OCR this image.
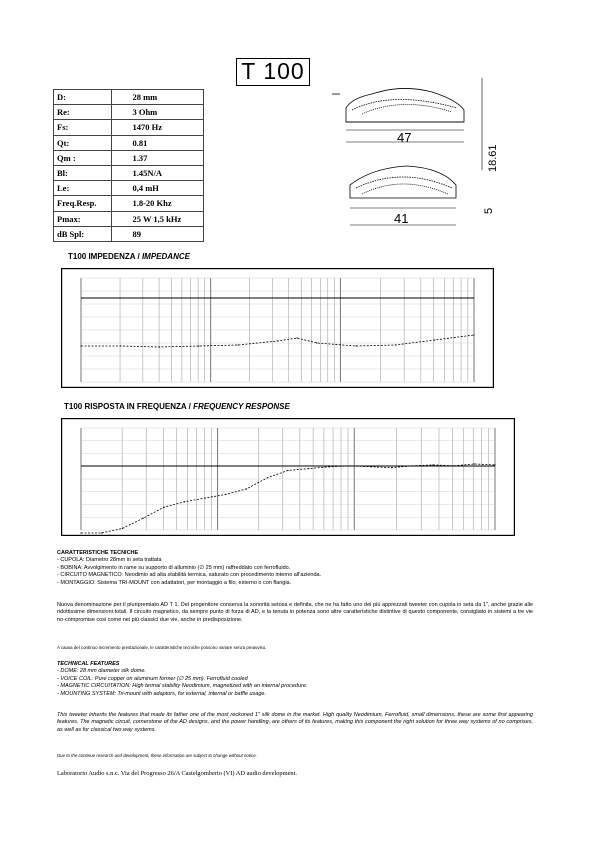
T 100
D:	28 mm
Re:	3 Ohm
Fs:	1470 Hz
Qt:	0.81
Qm :	1.37
Bl:	1.45N/A
Le:	0,4 mH
Freq.Resp.	1.8-20 Khz
Pmax:	25 W 1,5 kHz
dB Spl:	89
47
41
18.61
5
T100 IMPEDENZA / IMPEDANCE
T100 RISPOSTA IN FREQUENZA / FREQUENCY RESPONSE
CARATTERISTICHE TECNICHE
- CUPOLA: Diametro 28mm in seta trattata
- BOBINA: Avvolgimento in rame su supporto di alluminio (∅ 25 mm) raffreddato con ferrofluido.
- CIRCUITO MAGNETICO: Neodimio ad alta stabilità termica, saturato con procedimento interno all'azienda.
- MONTAGGIO: Sistema TRI-MOUNT con adattatori, per montaggio a filo, esterno o con flangia.
Nuova denominazione per il pluripremiato AD T 1. Del progenitore conserva la sonorità setosa e definita, che ne ha fatto uno dei più apprezzati tweeter con cupola in seta da 1", anche grazie alle ridottissime dimensioni totali. Il circuito magnetico, da sempre punto di forza di AD, e la tenuta in potenza sono altre caratteristiche distintive di questo componente, consigliato in sistemi a tre vie no-compromise cosi come nei più classici due vie, anche in predisposizione.
A causa del continuo incremento prestazionale, le caratteristiche tecniche possono variare senza preavviso.
TECHNICAL FEATURES
- DOME: 28 mm diameter silk dome.
- VOICE COIL: Pure copper on aluminum former (∅ 25 mm). Ferrofluid cooled
- MAGNETIC CIRCUITATION: High termal stability Neodimium, magnetized with an internal procedure.
- MOUNTING SYSTEM: Tri-mount with adaptors, for external, internal or baffle usage.
This tweeter inherits the features that made its father one of the most reckoned 1" silk dome in the market. High quality Neodimium, Ferrofluid, small dimensions, these are some first appearing features. The magnetic circuit, cornerstone of the AD designs, and the power handling, are others of its features, making this component the right solution for three way systems of no comprises, as well as for classical two way systems.
Due to the continue research and development, these information are subject to change without notice.
Laboratorio Audio s.n.c. Via del Progresso 26/A Castelgomberto (VI) AD audio development.
